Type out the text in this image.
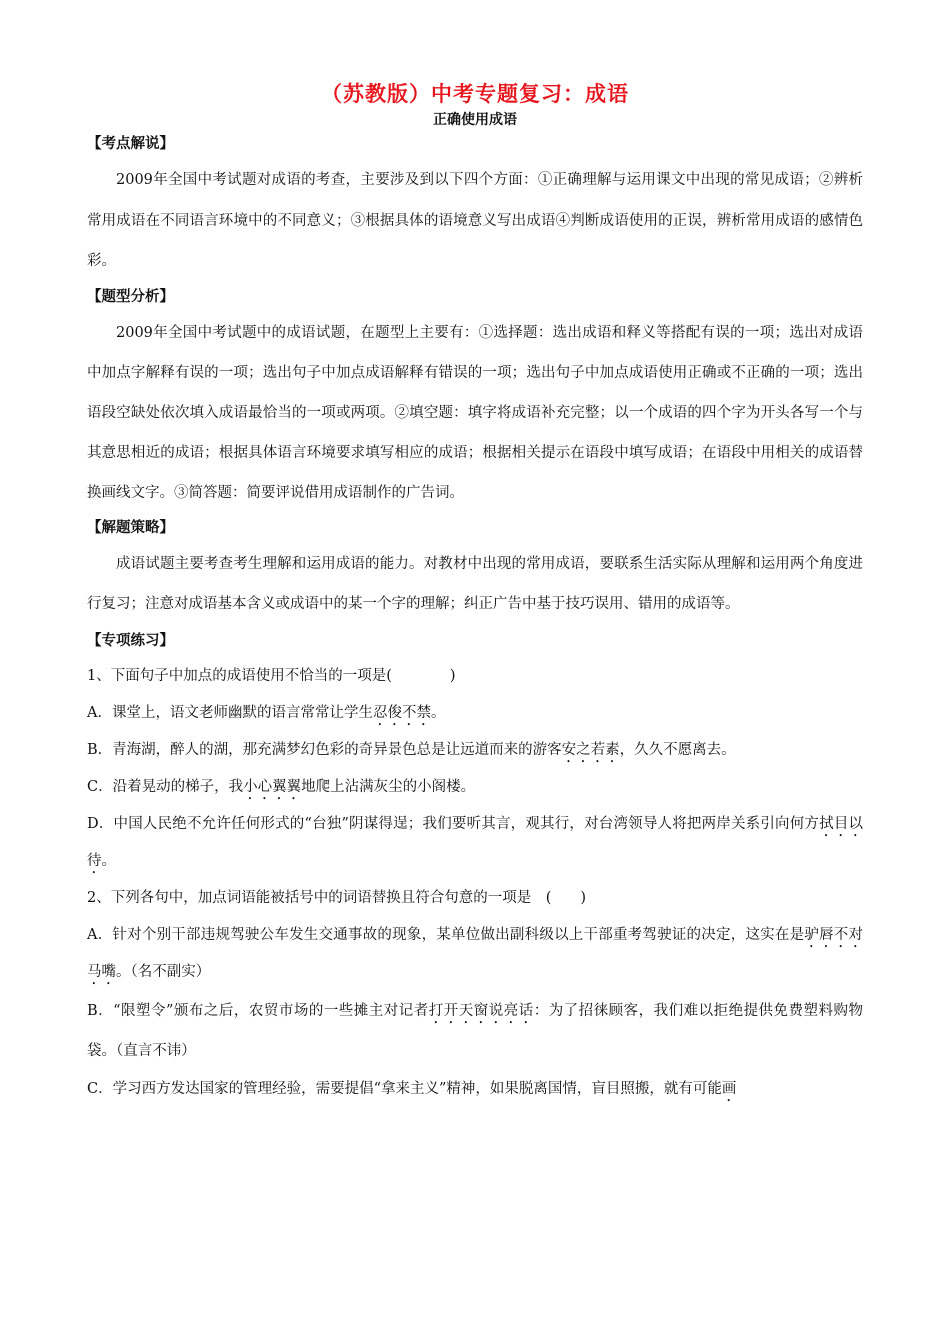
（苏教版）中考专题复习：成语
正确使用成语

【考点解说】

2009年全国中考试题对成语的考查，主要涉及到以下四个方面：①正确理解与运用课文中出现的常见成语；②辨析常用成语在不同语言环境中的不同意义；③根据具体的语境意义写出成语④判断成语使用的正误，辨析常用成语的感情色彩。

【题型分析】

2009年全国中考试题中的成语试题，在题型上主要有：①选择题：选出成语和释义等搭配有误的一项；选出对成语中加点字解释有误的一项；选出句子中加点成语解释有错误的一项；选出句子中加点成语使用正确或不正确的一项；选出语段空缺处依次填入成语最恰当的一项或两项。②填空题：填字将成语补充完整；以一个成语的四个字为开头各写一个与其意思相近的成语；根据具体语言环境要求填写相应的成语；根据相关提示在语段中填写成语；在语段中用相关的成语替换画线文字。③简答题：简要评说借用成语制作的广告词。

【解题策略】

成语试题主要考查考生理解和运用成语的能力。对教材中出现的常用成语，要联系生活实际从理解和运用两个角度进行复习；注意对成语基本含义或成语中的某一个字的理解；纠正广告中基于技巧误用、错用的成语等。

【专项练习】

1、下面句子中加点的成语使用不恰当的一项是(　　　　)

A．课堂上，语文老师幽默的语言常常让学生忍俊不禁。

B．青海湖，醉人的湖，那充满梦幻色彩的奇异景色总是让远道而来的游客安之若素，久久不愿离去。

C．沿着晃动的梯子，我小心翼翼地爬上沾满灰尘的小阁楼。

D．中国人民绝不允许任何形式的“台独”阴谋得逞；我们要听其言，观其行，对台湾领导人将把两岸关系引向何方拭目以待。

2、下列各句中，加点词语能被括号中的词语替换且符合句意的一项是　(　　)

A．针对个别干部违规驾驶公车发生交通事故的现象，某单位做出副科级以上干部重考驾驶证的决定，这实在是驴唇不对马嘴。（名不副实）

B．“限塑令”颁布之后，农贸市场的一些摊主对记者打开天窗说亮话：为了招徕顾客，我们难以拒绝提供免费塑料购物袋。（直言不讳）

C．学习西方发达国家的管理经验，需要提倡“拿来主义”精神，如果脱离国情，盲目照搬，就有可能画
